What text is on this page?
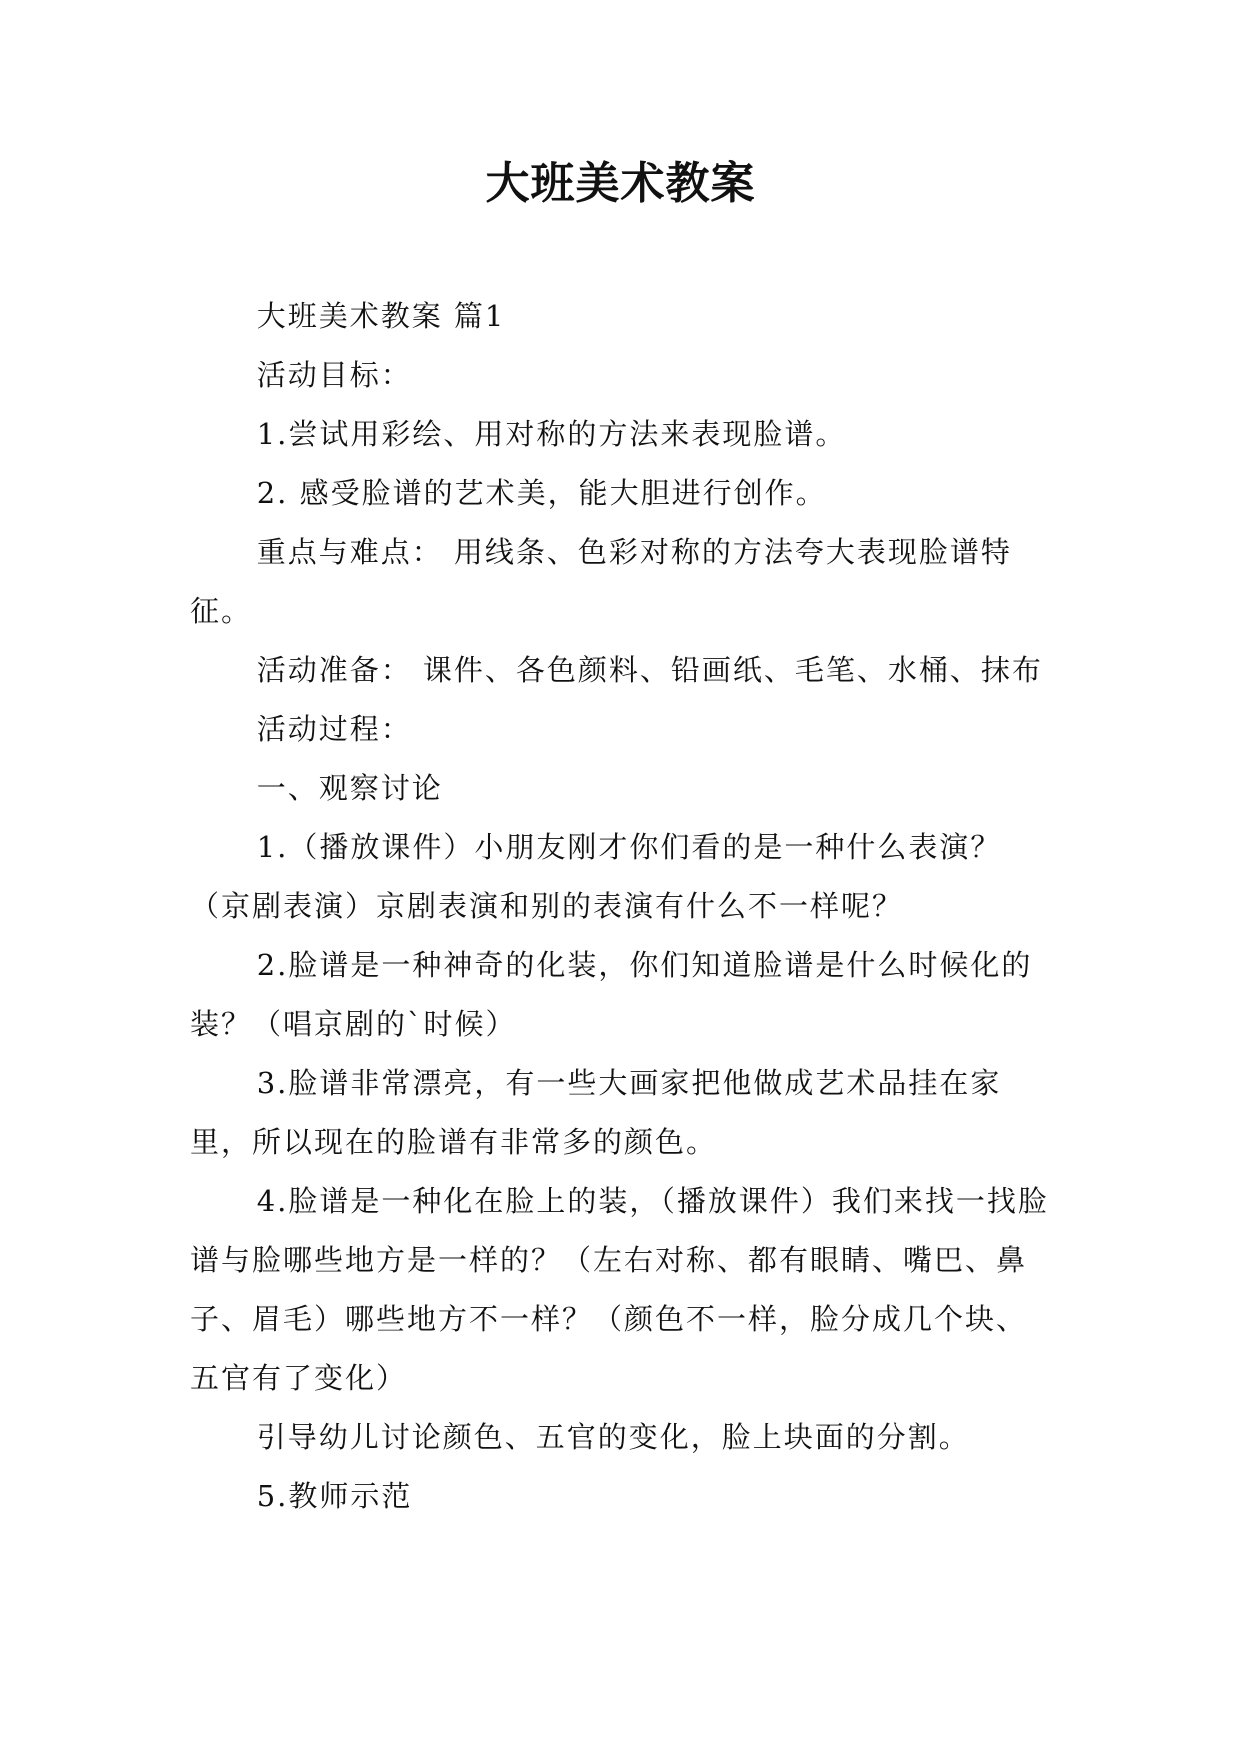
大班美术教案

大班美术教案 篇1

活动目标：

1.尝试用彩绘、用对称的方法来表现脸谱。

2. 感受脸谱的艺术美，能大胆进行创作。

重点与难点： 用线条、色彩对称的方法夸大表现脸谱特征。

活动准备： 课件、各色颜料、铅画纸、毛笔、水桶、抹布

活动过程：

一、观察讨论

1.（播放课件）小朋友刚才你们看的是一种什么表演？（京剧表演）京剧表演和别的表演有什么不一样呢？

2.脸谱是一种神奇的化装，你们知道脸谱是什么时候化的装？（唱京剧的`时候）

3.脸谱非常漂亮，有一些大画家把他做成艺术品挂在家里，所以现在的脸谱有非常多的颜色。

4.脸谱是一种化在脸上的装，（播放课件）我们来找一找脸谱与脸哪些地方是一样的？（左右对称、都有眼睛、嘴巴、鼻子、眉毛）哪些地方不一样？（颜色不一样，脸分成几个块、五官有了变化）

引导幼儿讨论颜色、五官的变化，脸上块面的分割。

5.教师示范
